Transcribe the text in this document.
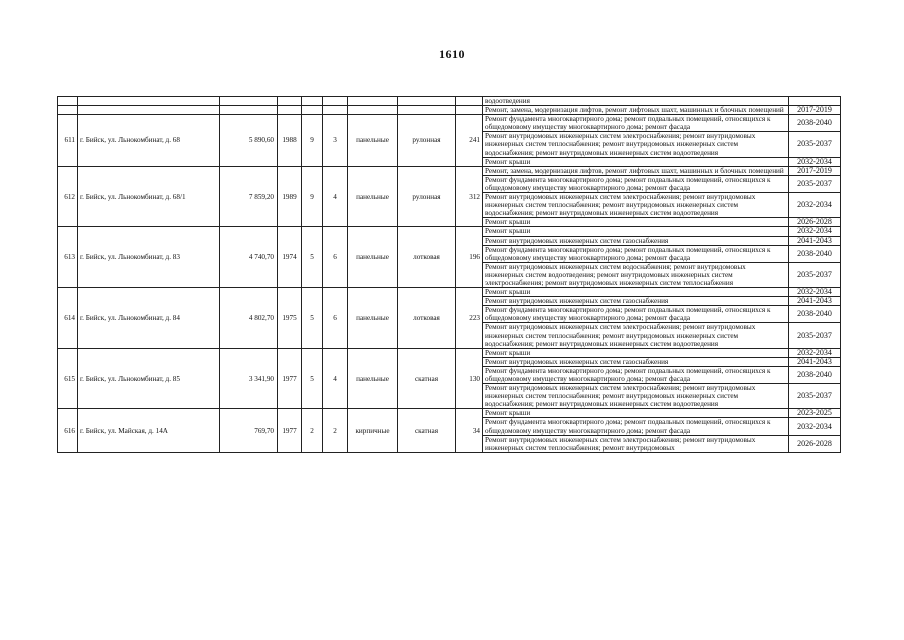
1610
									водоотведения	
									Ремонт, замена, модернизация лифтов, ремонт лифтовых шахт, машинных и блочных помещений	2017-2019
611	г. Бийск, ул. Льнокомбинат, д. 68	5 890,60	1988	9	3	панельные	рулонная	241	Ремонт фундамента многоквартирного дома; ремонт подвальных помещений, относящихся к общедомовому имуществу многоквартирного дома; ремонт фасада	2038-2040
									Ремонт внутридомовых инженерных систем электроснабжения; ремонт внутридомовых инженерных систем теплоснабжения; ремонт внутридомовых инженерных систем водоснабжения; ремонт внутридомовых инженерных систем водоотведения	2035-2037
									Ремонт крыши	2032-2034
612	г. Бийск, ул. Льнокомбинат, д. 68/1	7 859,20	1989	9	4	панельные	рулонная	312	Ремонт, замена, модернизация лифтов, ремонт лифтовых шахт, машинных и блочных помещений	2017-2019
									Ремонт фундамента многоквартирного дома; ремонт подвальных помещений, относящихся к общедомовому имуществу многоквартирного дома; ремонт фасада	2035-2037
									Ремонт внутридомовых инженерных систем электроснабжения; ремонт внутридомовых инженерных систем теплоснабжения; ремонт внутридомовых инженерных систем водоснабжения; ремонт внутридомовых инженерных систем водоотведения	2032-2034
									Ремонт крыши	2026-2028
613	г. Бийск, ул. Льнокомбинат, д. 83	4 740,70	1974	5	6	панельные	лотковая	196	Ремонт крыши	2032-2034
									Ремонт внутридомовых инженерных систем газоснабжения	2041-2043
									Ремонт фундамента многоквартирного дома; ремонт подвальных помещений, относящихся к общедомовому имуществу многоквартирного дома; ремонт фасада	2038-2040
									Ремонт внутридомовых инженерных систем водоснабжения; ремонт внутридомовых инженерных систем водоотведения; ремонт внутридомовых инженерных систем электроснабжения; ремонт внутридомовых инженерных систем теплоснабжения	2035-2037
614	г. Бийск, ул. Льнокомбинат, д. 84	4 802,70	1975	5	6	панельные	лотковая	223	Ремонт крыши	2032-2034
									Ремонт внутридомовых инженерных систем газоснабжения	2041-2043
									Ремонт фундамента многоквартирного дома; ремонт подвальных помещений, относящихся к общедомовому имуществу многоквартирного дома; ремонт фасада	2038-2040
									Ремонт внутридомовых инженерных систем электроснабжения; ремонт внутридомовых инженерных систем теплоснабжения; ремонт внутридомовых инженерных систем водоснабжения; ремонт внутридомовых инженерных систем водоотведения	2035-2037
615	г. Бийск, ул. Льнокомбинат, д. 85	3 341,90	1977	5	4	панельные	скатная	130	Ремонт крыши	2032-2034
									Ремонт внутридомовых инженерных систем газоснабжения	2041-2043
									Ремонт фундамента многоквартирного дома; ремонт подвальных помещений, относящихся к общедомовому имуществу многоквартирного дома; ремонт фасада	2038-2040
									Ремонт внутридомовых инженерных систем электроснабжения; ремонт внутридомовых инженерных систем теплоснабжения; ремонт внутридомовых инженерных систем водоснабжения; ремонт внутридомовых инженерных систем водоотведения	2035-2037
616	г. Бийск, ул. Майская, д. 14А	769,70	1977	2	2	кирпичные	скатная	34	Ремонт крыши	2023-2025
									Ремонт фундамента многоквартирного дома; ремонт подвальных помещений, относящихся к общедомовому имуществу многоквартирного дома; ремонт фасада	2032-2034
									Ремонт внутридомовых инженерных систем электроснабжения; ремонт внутридомовых инженерных систем теплоснабжения; ремонт внутридомовых	2026-2028
